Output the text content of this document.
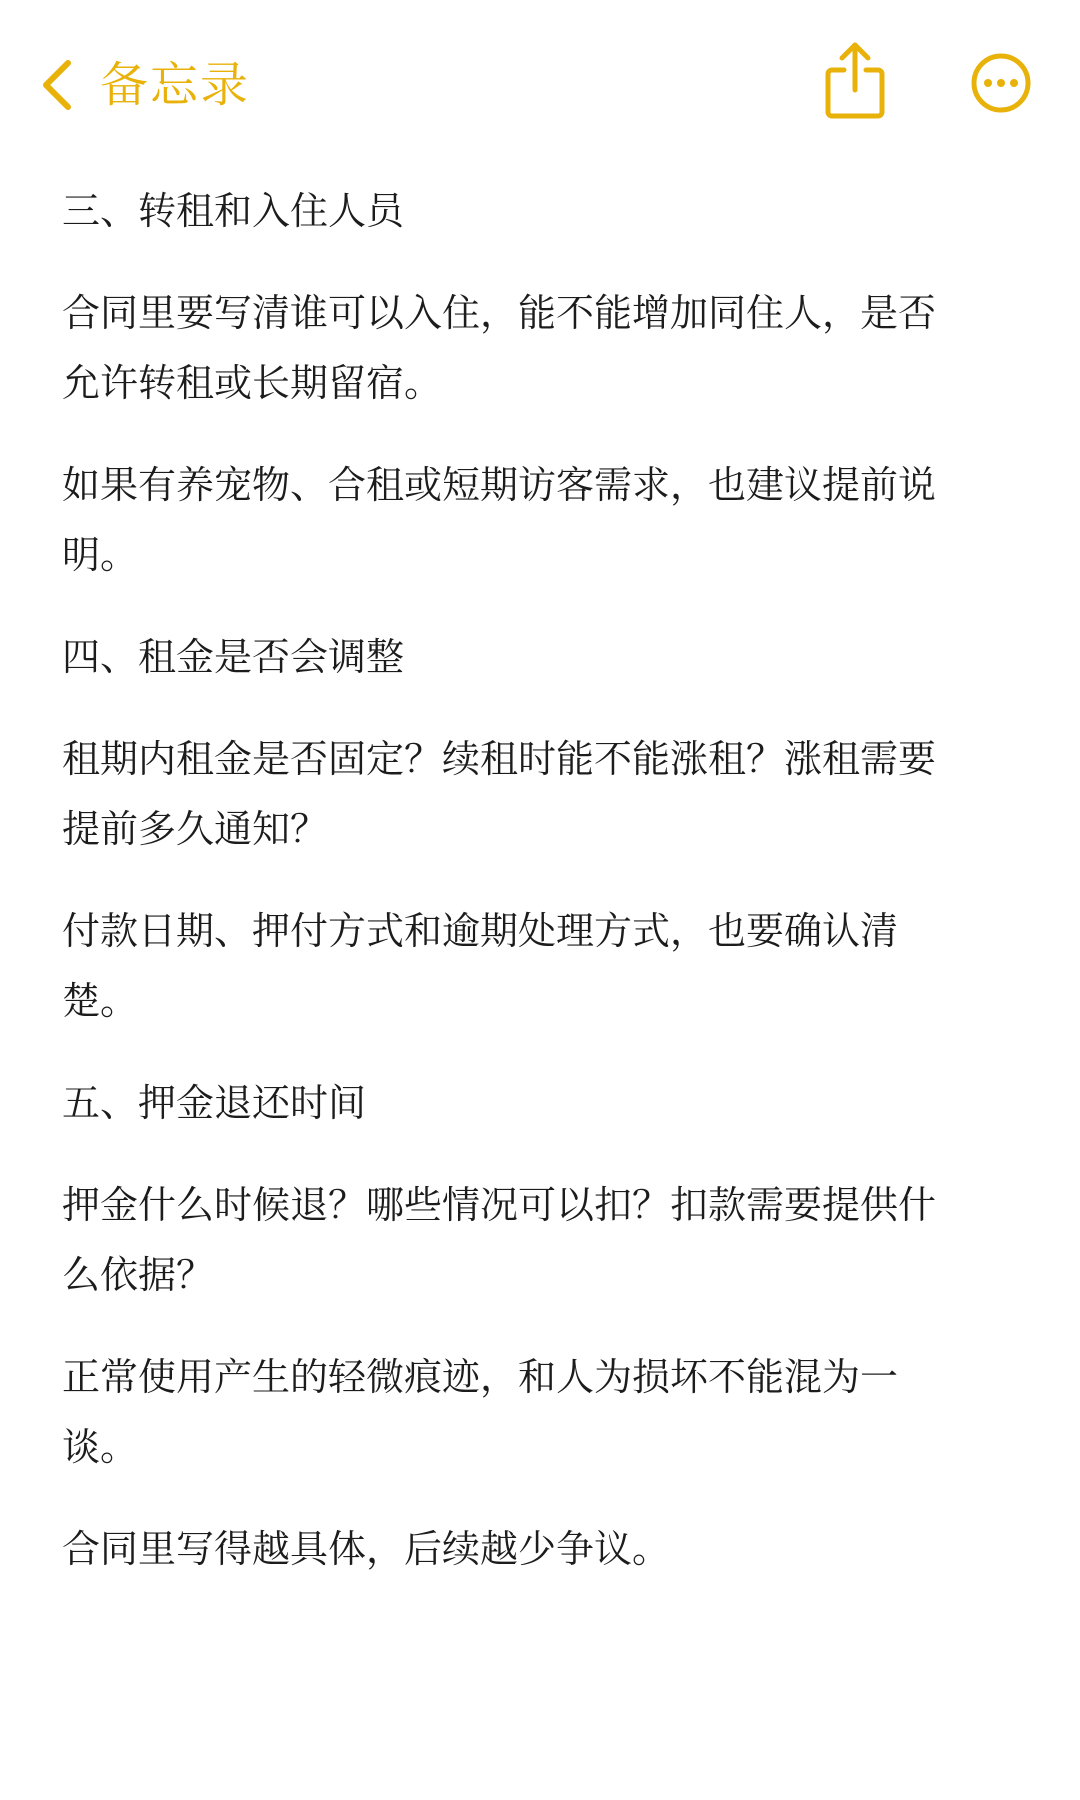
备忘录
三、转租和入住人员
合同里要写清谁可以入住，能不能增加同住人，是否
允许转租或长期留宿。
如果有养宠物、合租或短期访客需求，也建议提前说
明。
四、租金是否会调整
租期内租金是否固定？续租时能不能涨租？涨租需要
提前多久通知？
付款日期、押付方式和逾期处理方式，也要确认清
楚。
五、押金退还时间
押金什么时候退？哪些情况可以扣？扣款需要提供什
么依据？
正常使用产生的轻微痕迹，和人为损坏不能混为一
谈。
合同里写得越具体，后续越少争议。
